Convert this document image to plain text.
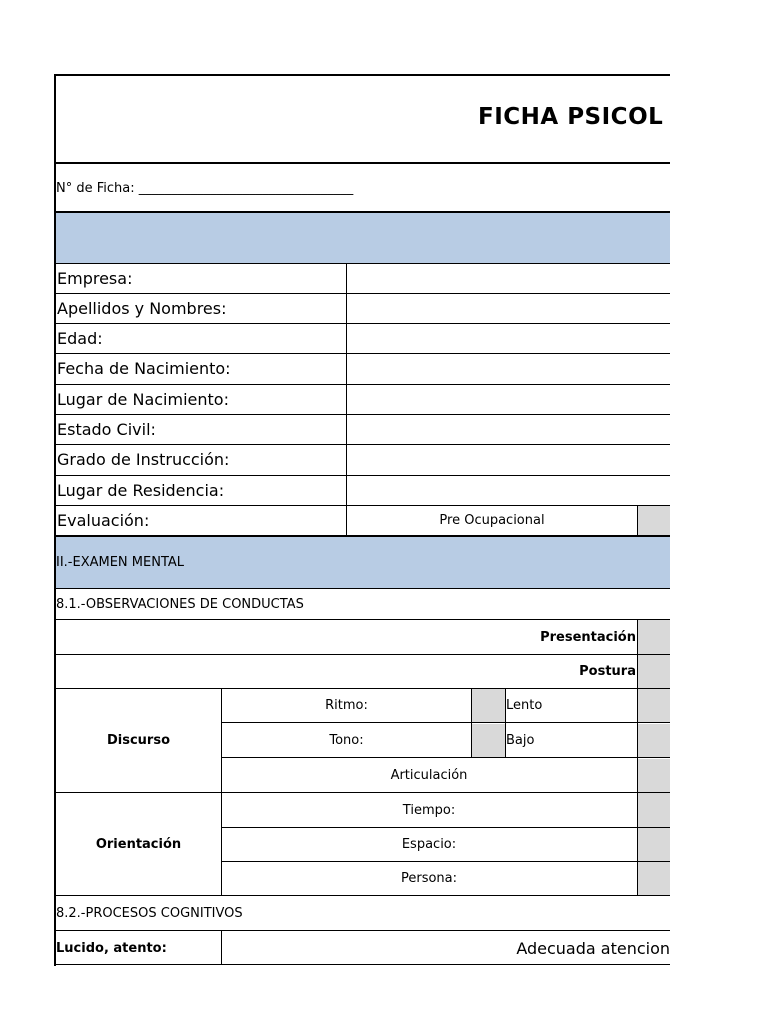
FICHA PSICOL
N° de Ficha: _________________________________
Empresa:
Apellidos y Nombres:
Edad:
Fecha de Nacimiento:
Lugar de Nacimiento:
Estado Civil:
Grado de Instrucción:
Lugar de Residencia:
Evaluación:	Pre Ocupacional
II.-EXAMEN MENTAL
8.1.-OBSERVACIONES DE CONDUCTAS
Presentación
Postura
Discurso
Ritmo:	Lento
Tono:	Bajo
Articulación
Orientación
Tiempo:
Espacio:
Persona:
8.2.-PROCESOS COGNITIVOS
Lucido, atento:	Adecuada atencion
